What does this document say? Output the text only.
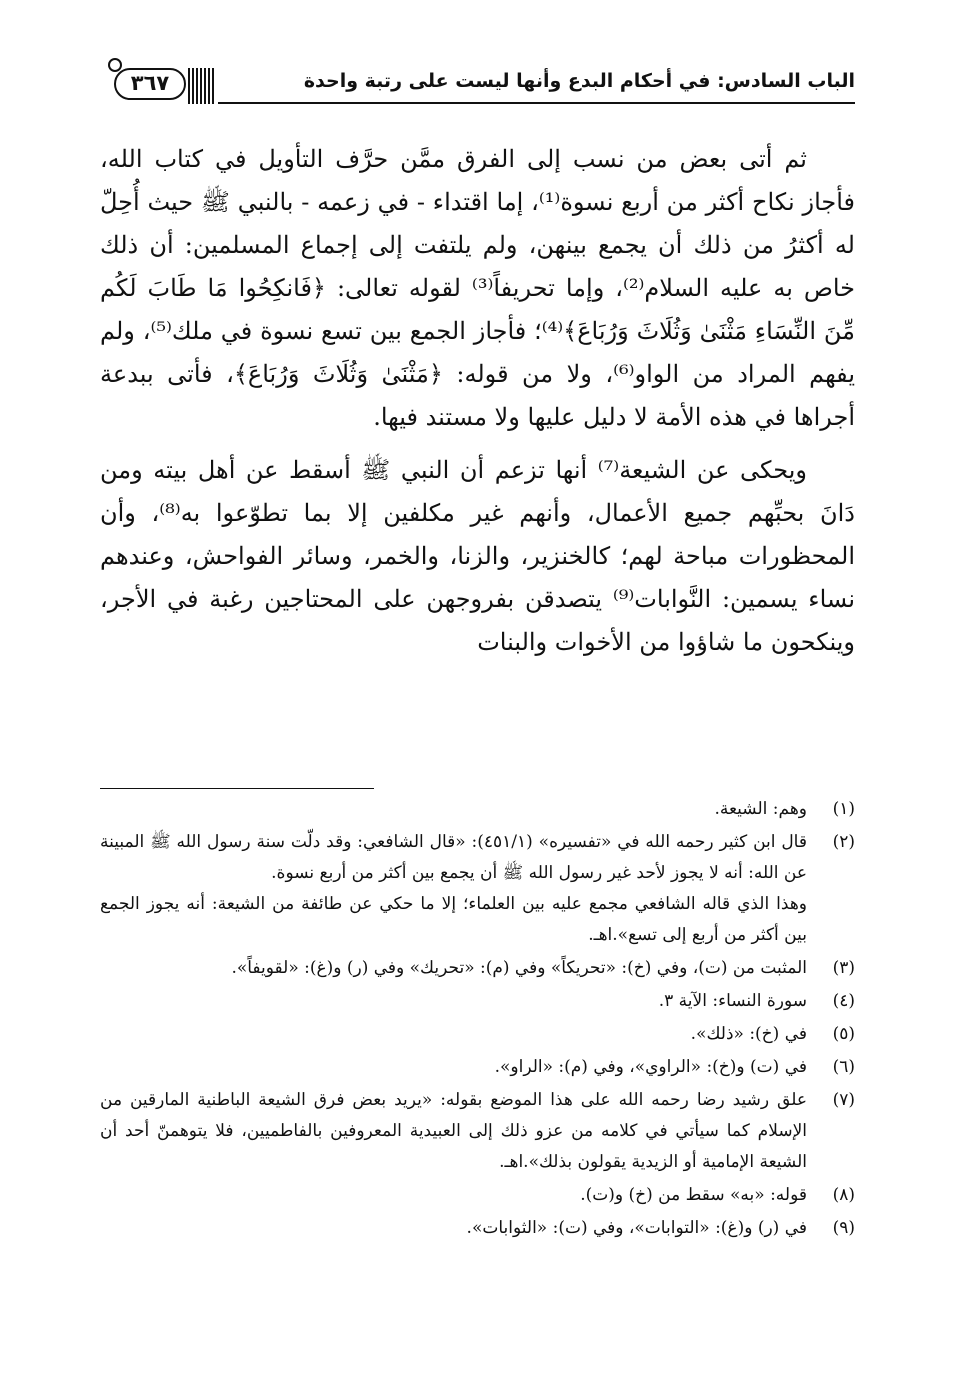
٣٦٧	الباب السادس: في أحكام البدع وأنها ليست على رتبة واحدة

ثم أتى بعض من نسب إلى الفرق ممَّن حرَّف التأويل في كتاب الله، فأجاز نكاح أكثر من أربع نسوة⁽¹⁾، إما اقتداء - في زعمه - بالنبي ﷺ حيث أُحِلّ له أكثرُ من ذلك أن يجمع بينهن، ولم يلتفت إلى إجماع المسلمين: أن ذلك خاص به عليه السلام⁽²⁾، وإما تحريفاً⁽³⁾ لقوله تعالى: ﴿فَانكِحُوا مَا طَابَ لَكُم مِّنَ النِّسَاءِ مَثْنَىٰ وَثُلَاثَ وَرُبَاعَ﴾⁽⁴⁾؛ فأجاز الجمع بين تسع نسوة في ملك⁽⁵⁾، ولم يفهم المراد من الواو⁽⁶⁾، ولا من قوله: ﴿مَثْنَىٰ وَثُلَاثَ وَرُبَاعَ﴾، فأتى ببدعة أجراها في هذه الأمة لا دليل عليها ولا مستند فيها.

ويحكى عن الشيعة⁽⁷⁾ أنها تزعم أن النبي ﷺ أسقط عن أهل بيته ومن دَانَ بحبِّهم جميع الأعمال، وأنهم غير مكلفين إلا بما تطوّعوا به⁽⁸⁾، وأن المحظورات مباحة لهم؛ كالخنزير، والزنا، والخمر، وسائر الفواحش، وعندهم نساء يسمين: النَّوابات⁽⁹⁾ يتصدقن بفروجهن على المحتاجين رغبة في الأجر، وينكحون ما شاؤوا من الأخوات والبنات

(١)
وهم: الشيعة.
(٢)
قال ابن كثير رحمه الله في «تفسيره» (٤٥١/١): «قال الشافعي: وقد دلّت سنة رسول الله ﷺ المبينة عن الله: أنه لا يجوز لأحد غير رسول الله ﷺ أن يجمع بين أكثر من أربع نسوة.
وهذا الذي قاله الشافعي مجمع عليه بين العلماء؛ إلا ما حكي عن طائفة من الشيعة: أنه يجوز الجمع بين أكثر من أربع إلى تسع».اهـ.
(٣)
المثبت من (ت)، وفي (خ): «تحريكاً» وفي (م): «تحريك» وفي (ر) و(غ): «لقويفاً».
(٤)
سورة النساء: الآية ٣.
(٥)
في (خ): «ذلك».
(٦)
في (ت) و(خ): «الراوي»، وفي (م): «الراو».
(٧)
علق رشيد رضا رحمه الله على هذا الموضع بقوله: «يريد بعض فرق الشيعة الباطنية المارقين من الإسلام كما سيأتي في كلامه من عزو ذلك إلى العبيدية المعروفين بالفاطميين، فلا يتوهمنّ أحد أن الشيعة الإمامية أو الزيدية يقولون بذلك».اهـ.
(٨)
قوله: «به» سقط من (خ) و(ت).
(٩)
في (ر) و(غ): «التوابات»، وفي (ت): «الثوابات».
